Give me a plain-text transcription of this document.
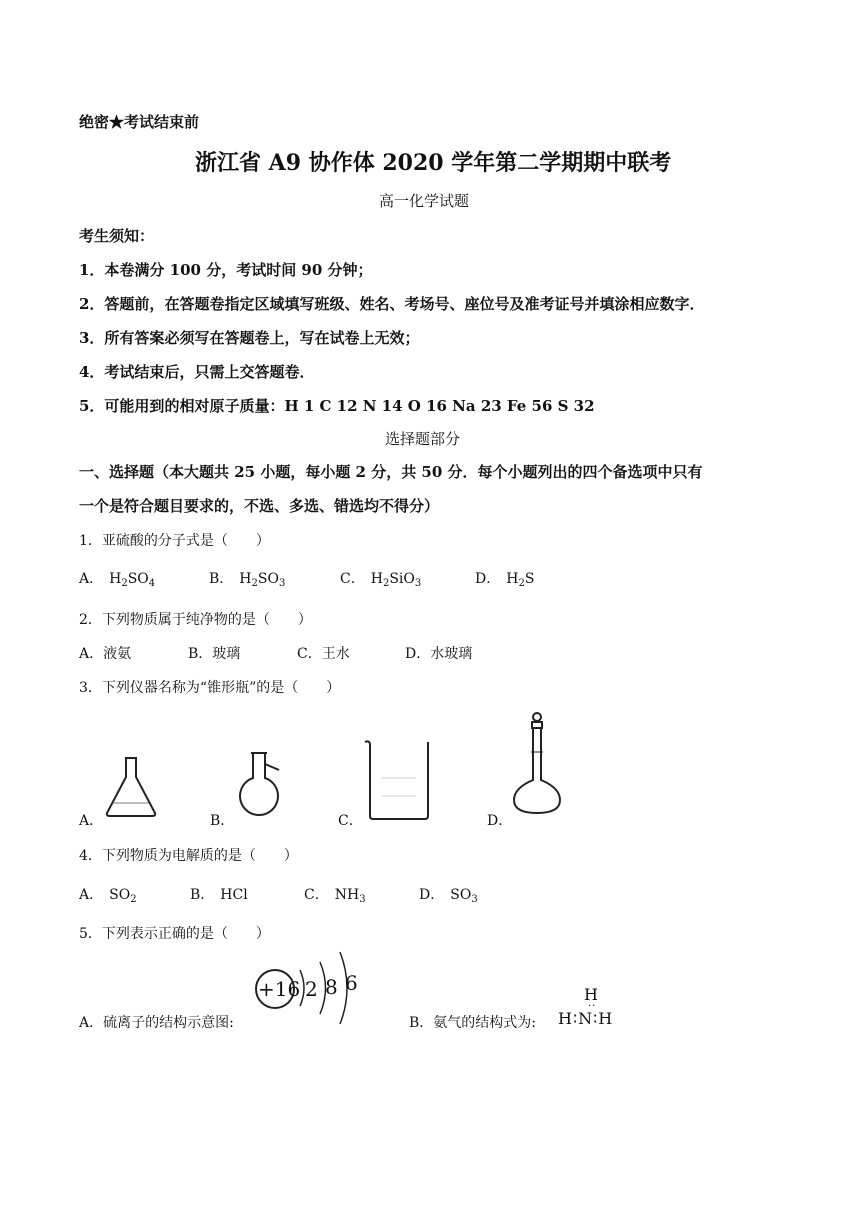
绝密★考试结束前
浙江省 A9 协作体 2020 学年第二学期期中联考
高一化学试题
考生须知：
1．本卷满分 100 分，考试时间 90 分钟；
2．答题前，在答题卷指定区域填写班级、姓名、考场号、座位号及准考证号并填涂相应数字．
3．所有答案必须写在答题卷上，写在试卷上无效；
4．考试结束后，只需上交答题卷．
5．可能用到的相对原子质量：H 1 C 12 N 14 O 16 Na 23 Fe 56 S 32
选择题部分
一、选择题（本大题共 25 小题，每小题 2 分，共 50 分．每个小题列出的四个备选项中只有
一个是符合题目要求的，不选、多选、错选均不得分）
1．亚硫酸的分子式是（　　）
A． $H_2SO_4$	B． $H_2SO_3$	C． $H_2SiO_3$	D． $H_2S$
2．下列物质属于纯净物的是（　　）
A．液氨	B．玻璃	C．王水	D．水玻璃
3．下列仪器名称为“锥形瓶”的是（　　）
A．	B．	C．	D．
4．下列物质为电解质的是（　　）
A． $SO_2$	B． HCl	C． $NH_3$	D． $SO_3$
5．下列表示正确的是（　　）
A．硫离子的结构示意图:
+16 2 8 6
B．氨气的结构式为:
H
··
H∶N∶H
